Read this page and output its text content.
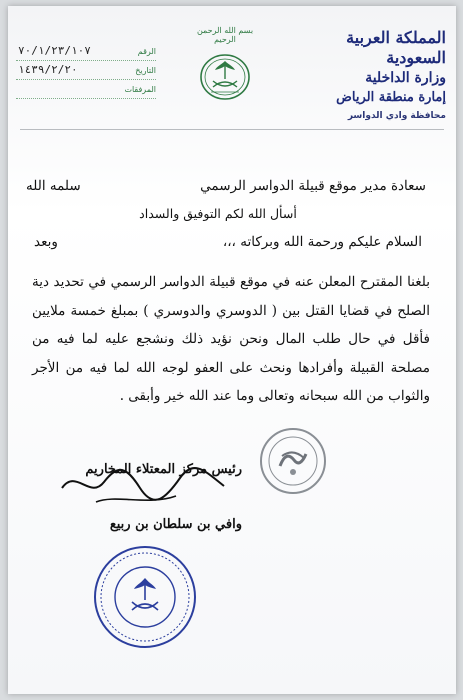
المملكة العربية السعودية
وزارة الداخلية
إمارة منطقة الرياض
محافظة وادي الدواسر
بسم الله الرحمن الرحيم
الرقم
٧٠/١/٢٣/١٠٧
التاريخ
١٤٣٩/٢/٢٠
المرفقات
سعادة مدير موقع قبيلة الدواسر الرسمي
سلمه الله
أسأل الله لكم التوفيق والسداد
السلام عليكم ورحمة الله وبركاته ،،،
وبعد
بلغنا المقترح المعلن عنه في موقع قبيلة الدواسر الرسمي في تحديد دية الصلح في قضايا القتل بين ( الدوسري والدوسري ) بمبلغ خمسة ملايين فأقل في حال طلب المال ونحن نؤيد ذلك ونشجع عليه لما فيه من مصلحة القبيلة وأفرادها ونحث على العفو لوجه الله لما فيه من الأجر والثواب من الله سبحانه وتعالى وما عند الله خير وأبقى .
رئيس مركز المعتلاء المخاريم
وافي بن سلطان بن ربيع
